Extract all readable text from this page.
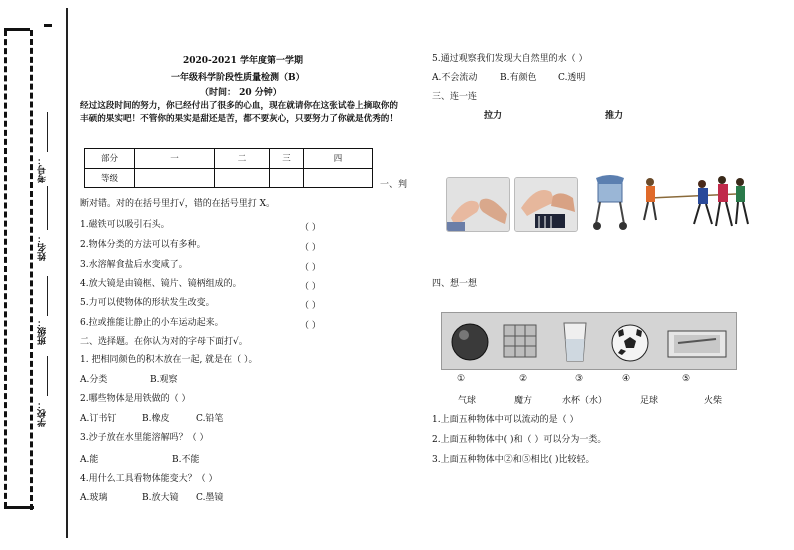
考号：
姓名：
班级：
学校：
2020-2021 学年度第一学期
一年级科学阶段性质量检测（B）
（时间： 20 分钟）
经过这段时间的努力，你已经付出了很多的心血，现在就请你在这张试卷上摘取你的丰硕的果实吧！不管你的果实是甜还是苦，都不要灰心，只要努力了你就是优秀的！
部分	一	二	三	四
等级				
一、判
断对错。对的在括号里打√，错的在括号里打 X。
1.磁铁可以吸引石头。	（ ）
2.物体分类的方法可以有多种。	（ ）
3.水溶解食盐后水变咸了。	（ ）
4.放大镜是由镜框、镜片、镜柄组成的。	（ ）
5.力可以使物体的形状发生改变。	（ ）
6.拉或推能让静止的小车运动起来。	（ ）
二、选择题。在你认为对的字母下面打√。
1. 把相同颜色的积木放在一起, 就是在（ ）。
A.分类	B.观察
2.哪些物体是用铁做的（ ）
A.订书钉	B.橡皮	C.铅笔
3.沙子放在水里能溶解吗？（ ）
A.能	B.不能
4.用什么工具看物体能变大？（ ）
A.玻璃	B.放大镜 C.墨镜
5.通过观察我们发现大自然里的水（ ）
A.不会流动	B.有颜色 C.透明
三、连一连
拉力	推力
四、想一想
①	②	③	④	⑤
气球	魔方	水杯（水）	足球	火柴
1.上面五种物体中可以流动的是（ ）
2.上面五种物体中( )和（ ）可以分为一类。
3.上面五种物体中②和⑤相比( )比较轻。
